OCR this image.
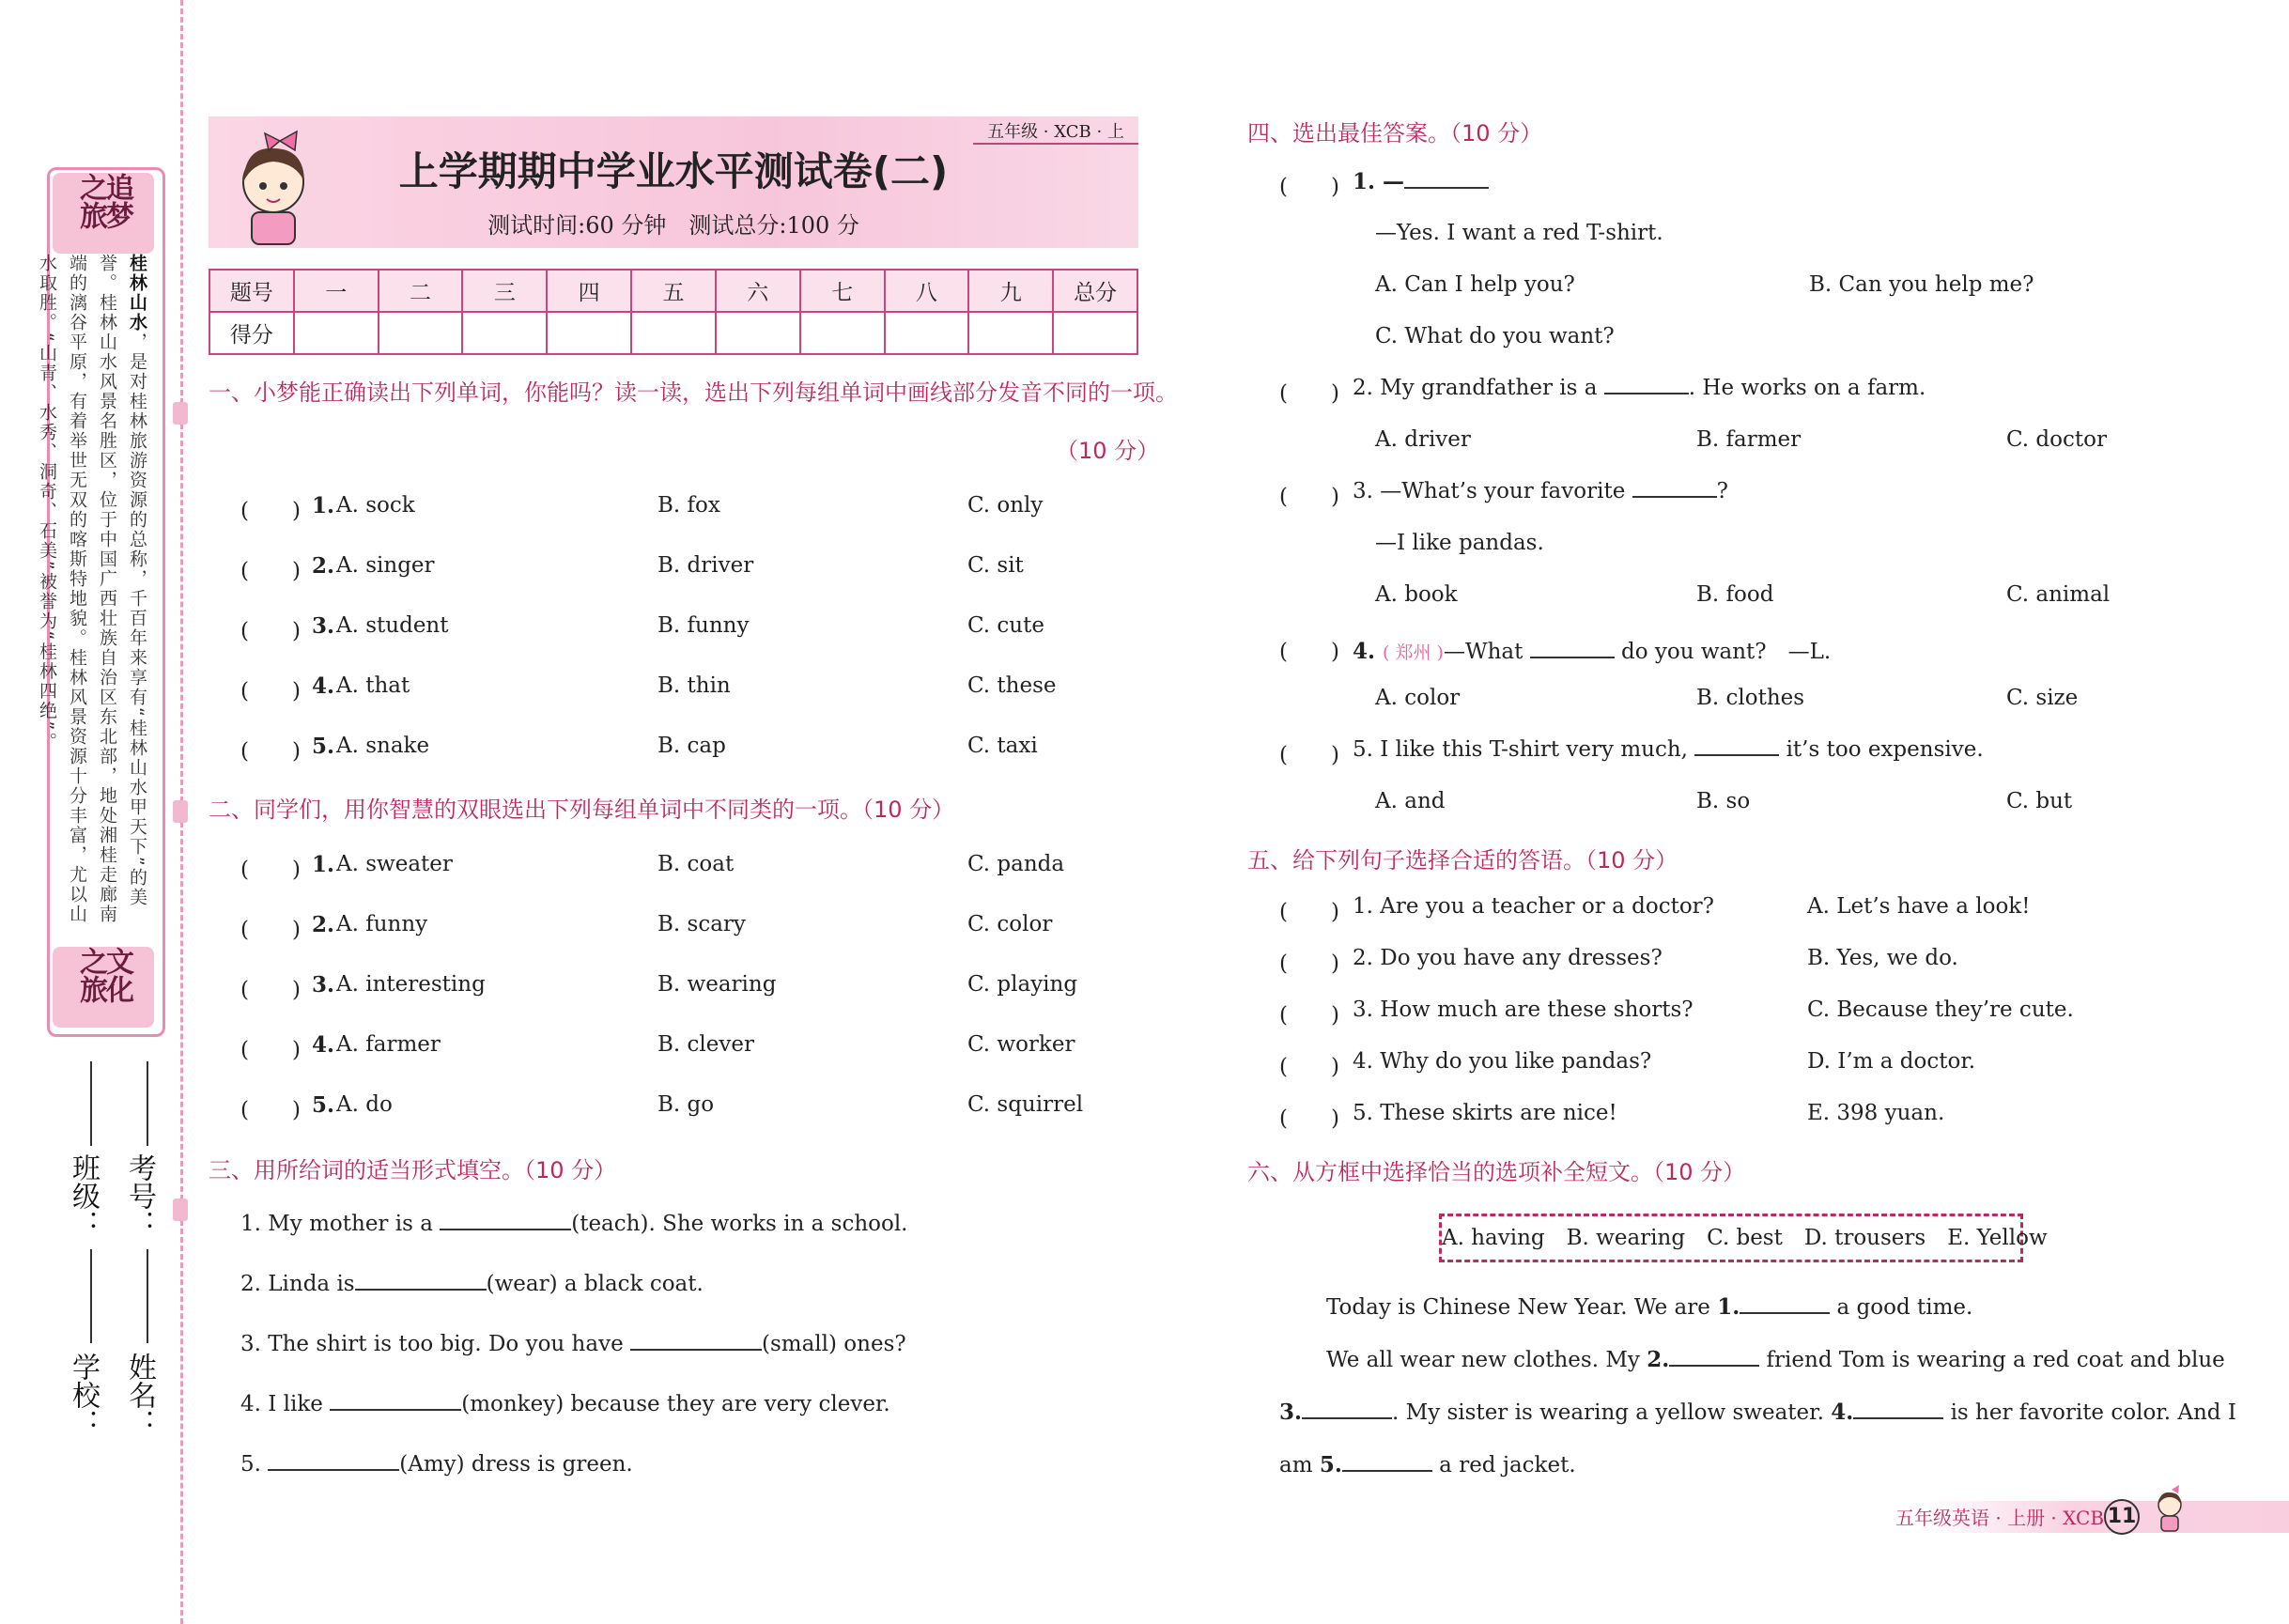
追梦之旅
文化之旅
桂林山水，是对桂林旅游资源的总称，千百年来享有“桂林山水甲天下”的美誉。桂林山水风景名胜区，位于中国广西壮族自治区东北部，地处湘桂走廊南端的漓谷平原，有着举世无双的喀斯特地貌。桂林风景资源十分丰富，尤以山水取胜。“山青、水秀、洞奇、石美”被誉为“桂林四绝”。
学校：
班级：
姓名：
考号：
五年级 · XCB · 上
上学期期中学业水平测试卷(二)
测试时间:60 分钟　测试总分:100 分
题号	一	二	三	四	五	六	七	八	九	总分
得分										
一、小梦能正确读出下列单词，你能吗？读一读，选出下列每组单词中画线部分发音不同的一项。
（10 分）
(　　) 1. A. sock	B. fox	C. only
(　　) 2. A. singer	B. driver	C. sit
(　　) 3. A. student	B. funny	C. cute
(　　) 4. A. that	B. thin	C. these
(　　) 5. A. snake	B. cap	C. taxi
二、同学们，用你智慧的双眼选出下列每组单词中不同类的一项。（10 分）
(　　) 1. A. sweater	B. coat	C. panda
(　　) 2. A. funny	B. scary	C. color
(　　) 3. A. interesting	B. wearing	C. playing
(　　) 4. A. farmer	B. clever	C. worker
(　　) 5. A. do	B. go	C. squirrel
三、用所给词的适当形式填空。（10 分）
1. My mother is a	(teach). She works in a school.
2. Linda is	(wear) a black coat.
3. The shirt is too big. Do you have	(small) ones?
4. I like	(monkey) because they are very clever.
5.	(Amy) dress is green.
四、选出最佳答案。（10 分）
(　　) 1. —
—Yes. I want a red T-shirt.
A. Can I help you?	B. Can you help me?
C. What do you want?
(　　) 2. My grandfather is a	. He works on a farm.
A. driver	B. farmer	C. doctor
(　　) 3. —What’s your favorite	?
—I like pandas.
A. book	B. food	C. animal
(　　) 4. ( 郑州 )—What	do you want?　—L.
A. color	B. clothes	C. size
(　　) 5. I like this T-shirt very much,	it’s too expensive.
A. and	B. so	C. but
五、给下列句子选择合适的答语。（10 分）
(　　) 1. Are you a teacher or a doctor?	A. Let’s have a look!
(　　) 2. Do you have any dresses?	B. Yes, we do.
(　　) 3. How much are these shorts?	C. Because they’re cute.
(　　) 4. Why do you like pandas?	D. I’m a doctor.
(　　) 5. These skirts are nice!	E. 398 yuan.
六、从方框中选择恰当的选项补全短文。（10 分）
A. having　B. wearing　C. best　D. trousers　E. Yellow
Today is Chinese New Year. We are 1.	a good time.
We all wear new clothes. My 2.	friend Tom is wearing a red coat and blue
3.	. My sister is wearing a yellow sweater. 4.	is her favorite color. And I
am 5.	a red jacket.
五年级英语 · 上册 · XCB 11
